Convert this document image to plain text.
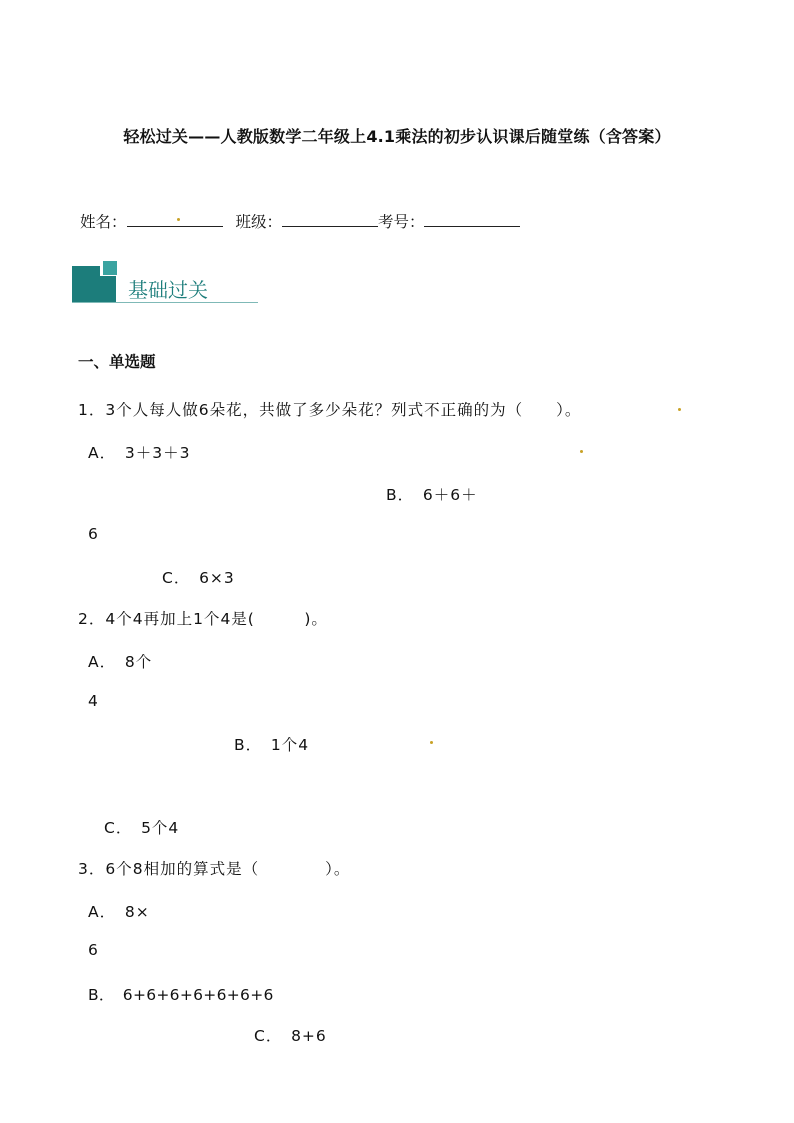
轻松过关——人教版数学二年级上4.1乘法的初步认识课后随堂练（含答案）
姓名：	班级：	考号：
基础过关
一、单选题
1．3个人每人做6朵花，共做了多少朵花？列式不正确的为（　　）。
A．　3＋3＋3
B．　6＋6＋
6
C．　6×3
2．4个4再加上1个4是(　　　)。
A．　8个
4
B．　1个4
C．　5个4
3．6个8相加的算式是（　　　　）。
A．　8×
6
B．　6+6+6+6+6+6+6
C．　8+6
